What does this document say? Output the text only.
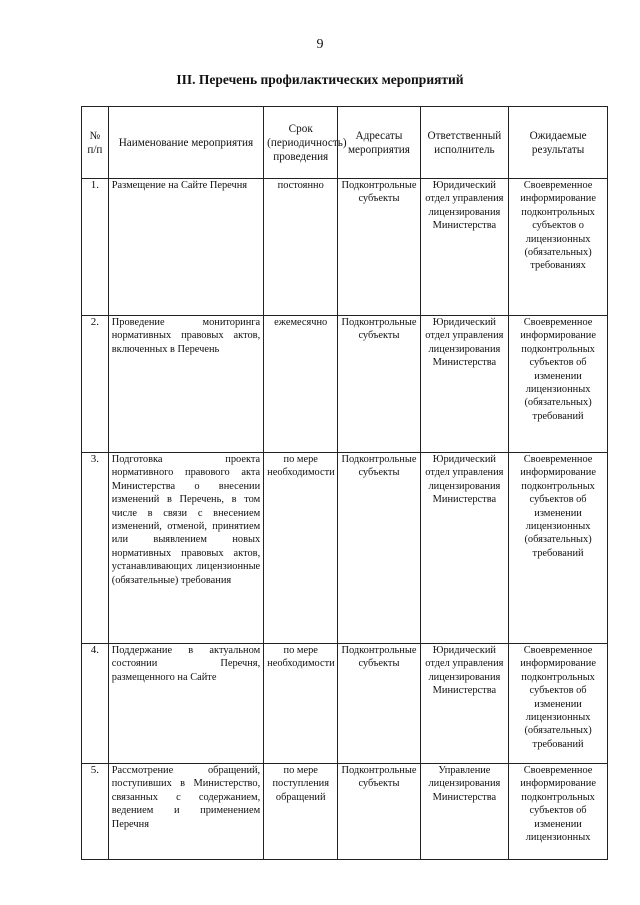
9
III. Перечень профилактических мероприятий
№ п/п	Наименование мероприятия	Срок (периодичность) проведения	Адресаты мероприятия	Ответственный исполнитель	Ожидаемые результаты
1.	Размещение на Сайте Перечня	постоянно	Подконтрольные субъекты	Юридический отдел управления лицензирования Министерства	Своевременное информирование подконтрольных субъектов о лицензионных (обязательных) требованиях
2.	Проведение мониторинга нормативных правовых актов, включенных в Перечень	ежемесячно	Подконтрольные субъекты	Юридический отдел управления лицензирования Министерства	Своевременное информирование подконтрольных субъектов об изменении лицензионных (обязательных) требований
3.	Подготовка проекта нормативного правового акта Министерства о внесении изменений в Перечень, в том числе в связи с внесением изменений, отменой, принятием или выявлением новых нормативных правовых актов, устанавливающих лицензионные (обязательные) требования	по мере необходимости	Подконтрольные субъекты	Юридический отдел управления лицензирования Министерства	Своевременное информирование подконтрольных субъектов об изменении лицензионных (обязательных) требований
4.	Поддержание в актуальном состоянии Перечня, размещенного на Сайте	по мере необходимости	Подконтрольные субъекты	Юридический отдел управления лицензирования Министерства	Своевременное информирование подконтрольных субъектов об изменении лицензионных (обязательных) требований
5.	Рассмотрение обращений, поступивших в Министерство, связанных с содержанием, ведением и применением Перечня	по мере поступления обращений	Подконтрольные субъекты	Управление лицензирования Министерства	Своевременное информирование подконтрольных субъектов об изменении лицензионных
